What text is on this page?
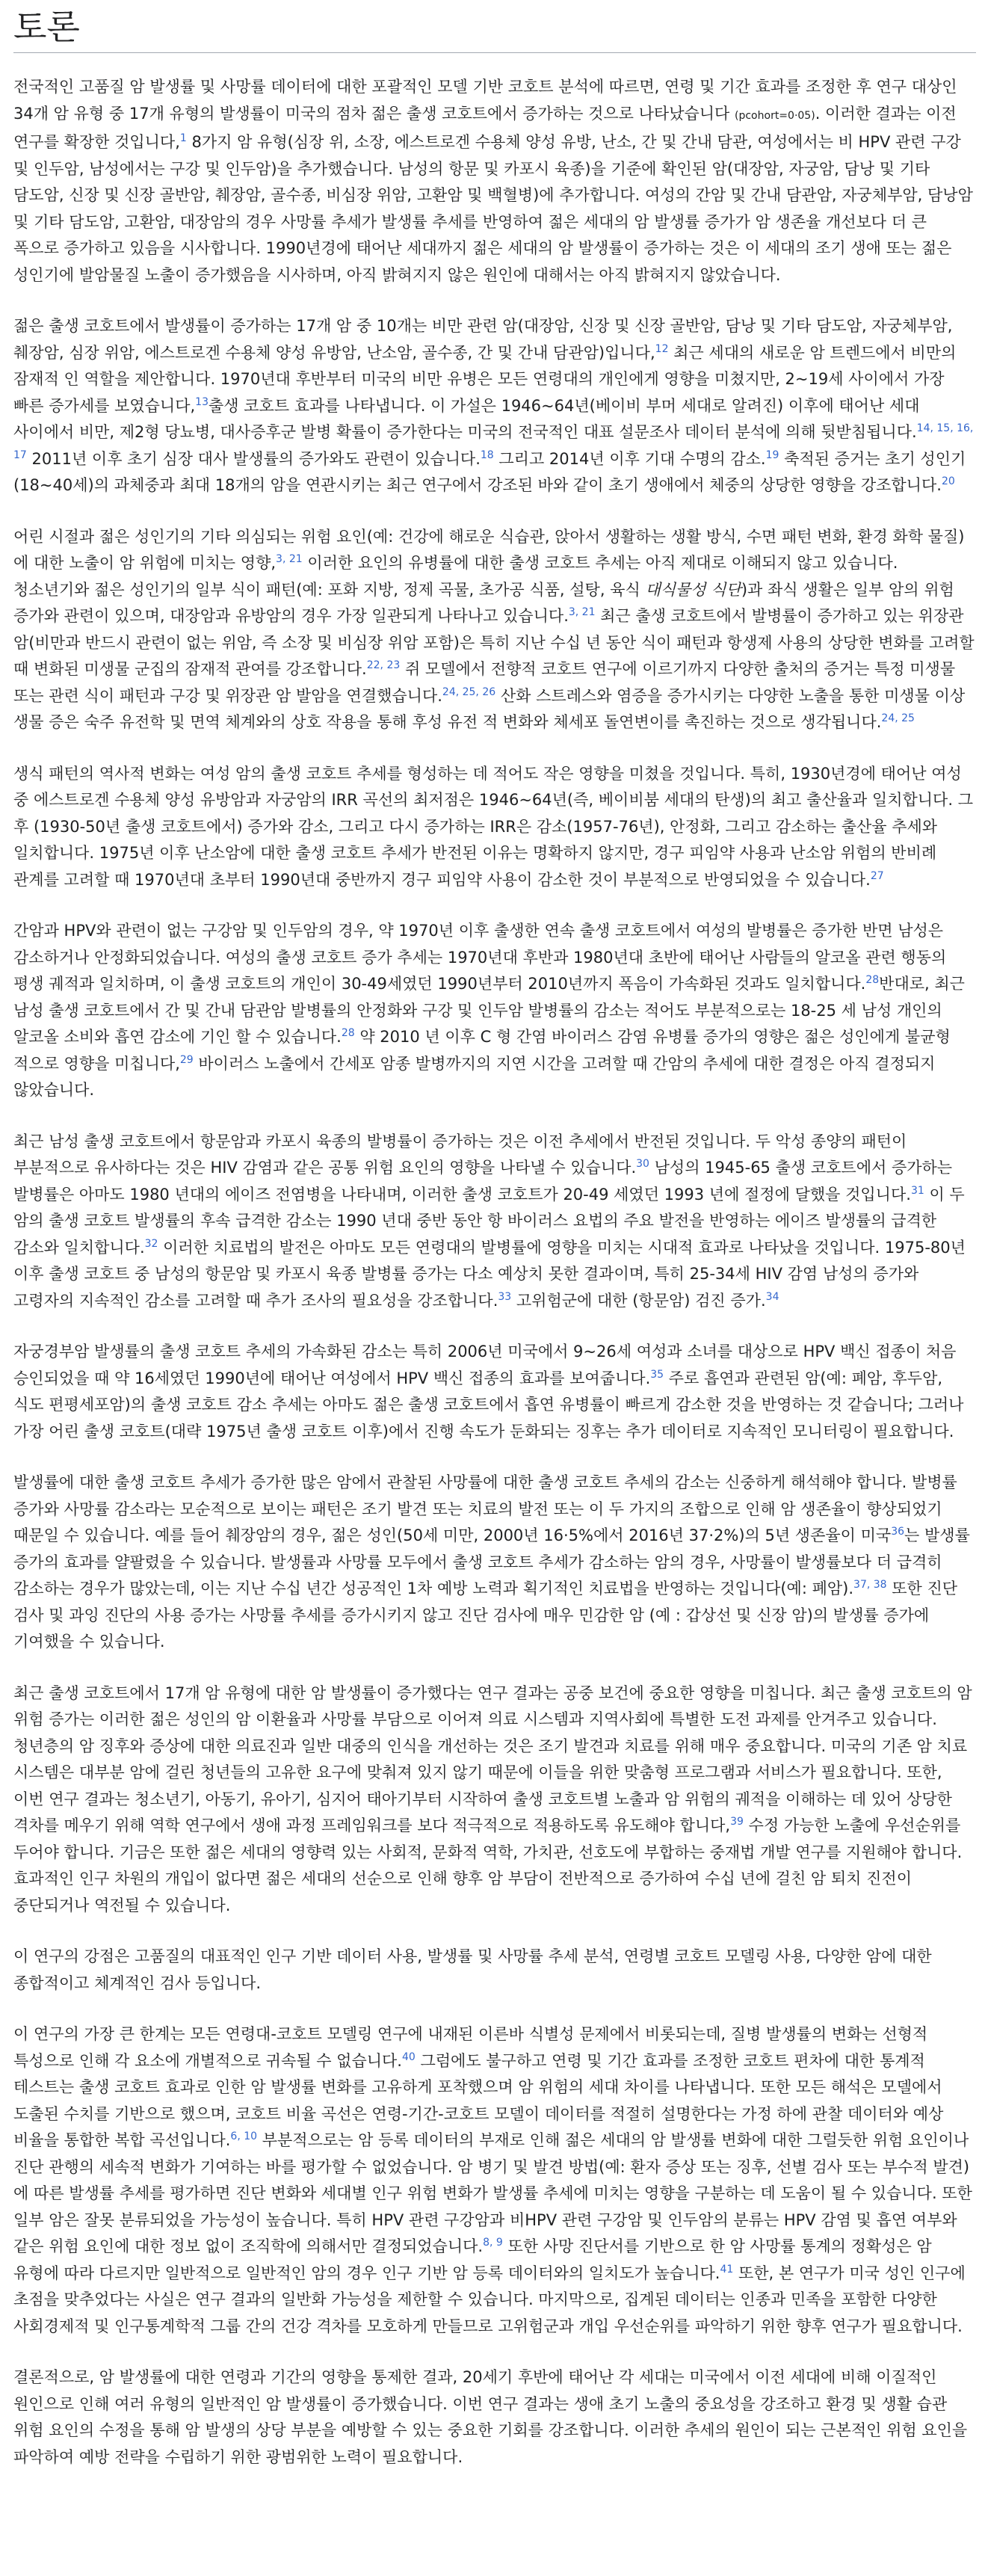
토론

전국적인 고품질 암 발생률 및 사망률 데이터에 대한 포괄적인 모델 기반 코호트 분석에 따르면, 연령 및 기간 효과를 조정한 후 연구 대상인 34개 암 유형 중 17개 유형의 발생률이 미국의 점차 젊은 출생 코호트에서 증가하는 것으로 나타났습니다 (pcohort=0·05). 이러한 결과는 이전 연구를 확장한 것입니다,$^1$ 8가지 암 유형(심장 위, 소장, 에스트로겐 수용체 양성 유방, 난소, 간 및 간내 담관, 여성에서는 비 HPV 관련 구강 및 인두암, 남성에서는 구강 및 인두암)을 추가했습니다. 남성의 항문 및 카포시 육종)을 기준에 확인된 암(대장암, 자궁암, 담낭 및 기타 담도암, 신장 및 신장 골반암, 췌장암, 골수종, 비심장 위암, 고환암 및 백혈병)에 추가합니다. 여성의 간암 및 간내 담관암, 자궁체부암, 담낭암 및 기타 담도암, 고환암, 대장암의 경우 사망률 추세가 발생률 추세를 반영하여 젊은 세대의 암 발생률 증가가 암 생존율 개선보다 더 큰 폭으로 증가하고 있음을 시사합니다. 1990년경에 태어난 세대까지 젊은 세대의 암 발생률이 증가하는 것은 이 세대의 조기 생애 또는 젊은 성인기에 발암물질 노출이 증가했음을 시사하며, 아직 밝혀지지 않은 원인에 대해서는 아직 밝혀지지 않았습니다.

젊은 출생 코호트에서 발생률이 증가하는 17개 암 중 10개는 비만 관련 암(대장암, 신장 및 신장 골반암, 담낭 및 기타 담도암, 자궁체부암, 췌장암, 심장 위암, 에스트로겐 수용체 양성 유방암, 난소암, 골수종, 간 및 간내 담관암)입니다,$^{12}$ 최근 세대의 새로운 암 트렌드에서 비만의 잠재적 인 역할을 제안합니다. 1970년대 후반부터 미국의 비만 유병은 모든 연령대의 개인에게 영향을 미쳤지만, 2~19세 사이에서 가장 빠른 증가세를 보였습니다,$^{13}$출생 코호트 효과를 나타냅니다. 이 가설은 1946~64년(베이비 부머 세대로 알려진) 이후에 태어난 세대 사이에서 비만, 제2형 당뇨병, 대사증후군 발병 확률이 증가한다는 미국의 전국적인 대표 설문조사 데이터 분석에 의해 뒷받침됩니다.$^{14, 15, 16, 17}$ 2011년 이후 초기 심장 대사 발생률의 증가와도 관련이 있습니다.$^{18}$ 그리고 2014년 이후 기대 수명의 감소.$^{19}$ 축적된 증거는 초기 성인기(18~40세)의 과체중과 최대 18개의 암을 연관시키는 최근 연구에서 강조된 바와 같이 초기 생애에서 체중의 상당한 영향을 강조합니다.$^{20}$

어린 시절과 젊은 성인기의 기타 의심되는 위험 요인(예: 건강에 해로운 식습관, 앉아서 생활하는 생활 방식, 수면 패턴 변화, 환경 화학 물질)에 대한 노출이 암 위험에 미치는 영향,$^{3, 21}$ 이러한 요인의 유병률에 대한 출생 코호트 추세는 아직 제대로 이해되지 않고 있습니다. 청소년기와 젊은 성인기의 일부 식이 패턴(예: 포화 지방, 정제 곡물, 초가공 식품, 설탕, 육식 대식물성 식단)과 좌식 생활은 일부 암의 위험 증가와 관련이 있으며, 대장암과 유방암의 경우 가장 일관되게 나타나고 있습니다.$^{3, 21}$ 최근 출생 코호트에서 발병률이 증가하고 있는 위장관 암(비만과 반드시 관련이 없는 위암, 즉 소장 및 비심장 위암 포함)은 특히 지난 수십 년 동안 식이 패턴과 항생제 사용의 상당한 변화를 고려할 때 변화된 미생물 군집의 잠재적 관여를 강조합니다.$^{22, 23}$ 쥐 모델에서 전향적 코호트 연구에 이르기까지 다양한 출처의 증거는 특정 미생물 또는 관련 식이 패턴과 구강 및 위장관 암 발암을 연결했습니다.$^{24, 25, 26}$ 산화 스트레스와 염증을 증가시키는 다양한 노출을 통한 미생물 이상 생물 증은 숙주 유전학 및 면역 체계와의 상호 작용을 통해 후성 유전 적 변화와 체세포 돌연변이를 촉진하는 것으로 생각됩니다.$^{24, 25}$

생식 패턴의 역사적 변화는 여성 암의 출생 코호트 추세를 형성하는 데 적어도 작은 영향을 미쳤을 것입니다. 특히, 1930년경에 태어난 여성 중 에스트로겐 수용체 양성 유방암과 자궁암의 IRR 곡선의 최저점은 1946~64년(즉, 베이비붐 세대의 탄생)의 최고 출산율과 일치합니다. 그 후 (1930-50년 출생 코호트에서) 증가와 감소, 그리고 다시 증가하는 IRR은 감소(1957-76년), 안정화, 그리고 감소하는 출산율 추세와 일치합니다. 1975년 이후 난소암에 대한 출생 코호트 추세가 반전된 이유는 명확하지 않지만, 경구 피임약 사용과 난소암 위험의 반비례 관계를 고려할 때 1970년대 초부터 1990년대 중반까지 경구 피임약 사용이 감소한 것이 부분적으로 반영되었을 수 있습니다.$^{27}$

간암과 HPV와 관련이 없는 구강암 및 인두암의 경우, 약 1970년 이후 출생한 연속 출생 코호트에서 여성의 발병률은 증가한 반면 남성은 감소하거나 안정화되었습니다. 여성의 출생 코호트 증가 추세는 1970년대 후반과 1980년대 초반에 태어난 사람들의 알코올 관련 행동의 평생 궤적과 일치하며, 이 출생 코호트의 개인이 30-49세였던 1990년부터 2010년까지 폭음이 가속화된 것과도 일치합니다.$^{28}$반대로, 최근 남성 출생 코호트에서 간 및 간내 담관암 발병률의 안정화와 구강 및 인두암 발병률의 감소는 적어도 부분적으로는 18-25 세 남성 개인의 알코올 소비와 흡연 감소에 기인 할 수 있습니다.$^{28}$ 약 2010 년 이후 C 형 간염 바이러스 감염 유병률 증가의 영향은 젊은 성인에게 불균형 적으로 영향을 미칩니다,$^{29}$ 바이러스 노출에서 간세포 암종 발병까지의 지연 시간을 고려할 때 간암의 추세에 대한 결정은 아직 결정되지 않았습니다.

최근 남성 출생 코호트에서 항문암과 카포시 육종의 발병률이 증가하는 것은 이전 추세에서 반전된 것입니다. 두 악성 종양의 패턴이 부분적으로 유사하다는 것은 HIV 감염과 같은 공통 위험 요인의 영향을 나타낼 수 있습니다.$^{30}$ 남성의 1945-65 출생 코호트에서 증가하는 발병률은 아마도 1980 년대의 에이즈 전염병을 나타내며, 이러한 출생 코호트가 20-49 세였던 1993 년에 절정에 달했을 것입니다.$^{31}$ 이 두 암의 출생 코호트 발생률의 후속 급격한 감소는 1990 년대 중반 동안 항 바이러스 요법의 주요 발전을 반영하는 에이즈 발생률의 급격한 감소와 일치합니다.$^{32}$ 이러한 치료법의 발전은 아마도 모든 연령대의 발병률에 영향을 미치는 시대적 효과로 나타났을 것입니다. 1975-80년 이후 출생 코호트 중 남성의 항문암 및 카포시 육종 발병률 증가는 다소 예상치 못한 결과이며, 특히 25-34세 HIV 감염 남성의 증가와 고령자의 지속적인 감소를 고려할 때 추가 조사의 필요성을 강조합니다.$^{33}$ 고위험군에 대한 (항문암) 검진 증가.$^{34}$

자궁경부암 발생률의 출생 코호트 추세의 가속화된 감소는 특히 2006년 미국에서 9~26세 여성과 소녀를 대상으로 HPV 백신 접종이 처음 승인되었을 때 약 16세였던 1990년에 태어난 여성에서 HPV 백신 접종의 효과를 보여줍니다.$^{35}$ 주로 흡연과 관련된 암(예: 폐암, 후두암, 식도 편평세포암)의 출생 코호트 감소 추세는 아마도 젊은 출생 코호트에서 흡연 유병률이 빠르게 감소한 것을 반영하는 것 같습니다; 그러나 가장 어린 출생 코호트(대략 1975년 출생 코호트 이후)에서 진행 속도가 둔화되는 징후는 추가 데이터로 지속적인 모니터링이 필요합니다.

발생률에 대한 출생 코호트 추세가 증가한 많은 암에서 관찰된 사망률에 대한 출생 코호트 추세의 감소는 신중하게 해석해야 합니다. 발병률 증가와 사망률 감소라는 모순적으로 보이는 패턴은 조기 발견 또는 치료의 발전 또는 이 두 가지의 조합으로 인해 암 생존율이 향상되었기 때문일 수 있습니다. 예를 들어 췌장암의 경우, 젊은 성인(50세 미만, 2000년 16·5%에서 2016년 37·2%)의 5년 생존율이 미국$^{36}$는 발생률 증가의 효과를 얄팔렸을 수 있습니다. 발생률과 사망률 모두에서 출생 코호트 추세가 감소하는 암의 경우, 사망률이 발생률보다 더 급격히 감소하는 경우가 많았는데, 이는 지난 수십 년간 성공적인 1차 예방 노력과 획기적인 치료법을 반영하는 것입니다(예: 폐암).$^{37, 38}$ 또한 진단 검사 및 과잉 진단의 사용 증가는 사망률 추세를 증가시키지 않고 진단 검사에 매우 민감한 암 (예 : 갑상선 및 신장 암)의 발생률 증가에 기여했을 수 있습니다.

최근 출생 코호트에서 17개 암 유형에 대한 암 발생률이 증가했다는 연구 결과는 공중 보건에 중요한 영향을 미칩니다. 최근 출생 코호트의 암 위험 증가는 이러한 젊은 성인의 암 이환율과 사망률 부담으로 이어져 의료 시스템과 지역사회에 특별한 도전 과제를 안겨주고 있습니다. 청년층의 암 징후와 증상에 대한 의료진과 일반 대중의 인식을 개선하는 것은 조기 발견과 치료를 위해 매우 중요합니다. 미국의 기존 암 치료 시스템은 대부분 암에 걸린 청년들의 고유한 요구에 맞춰져 있지 않기 때문에 이들을 위한 맞춤형 프로그램과 서비스가 필요합니다. 또한, 이번 연구 결과는 청소년기, 아동기, 유아기, 심지어 태아기부터 시작하여 출생 코호트별 노출과 암 위험의 궤적을 이해하는 데 있어 상당한 격차를 메우기 위해 역학 연구에서 생애 과정 프레임워크를 보다 적극적으로 적용하도록 유도해야 합니다,$^{39}$ 수정 가능한 노출에 우선순위를 두어야 합니다. 기금은 또한 젊은 세대의 영향력 있는 사회적, 문화적 역학, 가치관, 선호도에 부합하는 중재법 개발 연구를 지원해야 합니다. 효과적인 인구 차원의 개입이 없다면 젊은 세대의 선순으로 인해 향후 암 부담이 전반적으로 증가하여 수십 년에 걸친 암 퇴치 진전이 중단되거나 역전될 수 있습니다.

이 연구의 강점은 고품질의 대표적인 인구 기반 데이터 사용, 발생률 및 사망률 추세 분석, 연령별 코호트 모델링 사용, 다양한 암에 대한 종합적이고 체계적인 검사 등입니다.

이 연구의 가장 큰 한계는 모든 연령대-코호트 모델링 연구에 내재된 이른바 식별성 문제에서 비롯되는데, 질병 발생률의 변화는 선형적 특성으로 인해 각 요소에 개별적으로 귀속될 수 없습니다.$^{40}$ 그럼에도 불구하고 연령 및 기간 효과를 조정한 코호트 편차에 대한 통계적 테스트는 출생 코호트 효과로 인한 암 발생률 변화를 고유하게 포착했으며 암 위험의 세대 차이를 나타냅니다. 또한 모든 해석은 모델에서 도출된 수치를 기반으로 했으며, 코호트 비율 곡선은 연령-기간-코호트 모델이 데이터를 적절히 설명한다는 가정 하에 관찰 데이터와 예상 비율을 통합한 복합 곡선입니다.$^{6, 10}$ 부분적으로는 암 등록 데이터의 부재로 인해 젊은 세대의 암 발생률 변화에 대한 그럴듯한 위험 요인이나 진단 관행의 세속적 변화가 기여하는 바를 평가할 수 없었습니다. 암 병기 및 발견 방법(예: 환자 증상 또는 징후, 선별 검사 또는 부수적 발견)에 따른 발생률 추세를 평가하면 진단 변화와 세대별 인구 위험 변화가 발생률 추세에 미치는 영향을 구분하는 데 도움이 될 수 있습니다. 또한 일부 암은 잘못 분류되었을 가능성이 높습니다. 특히 HPV 관련 구강암과 비HPV 관련 구강암 및 인두암의 분류는 HPV 감염 및 흡연 여부와 같은 위험 요인에 대한 정보 없이 조직학에 의해서만 결정되었습니다.$^{8, 9}$ 또한 사망 진단서를 기반으로 한 암 사망률 통계의 정확성은 암 유형에 따라 다르지만 일반적으로 일반적인 암의 경우 인구 기반 암 등록 데이터와의 일치도가 높습니다.$^{41}$ 또한, 본 연구가 미국 성인 인구에 초점을 맞추었다는 사실은 연구 결과의 일반화 가능성을 제한할 수 있습니다. 마지막으로, 집계된 데이터는 인종과 민족을 포함한 다양한 사회경제적 및 인구통계학적 그룹 간의 건강 격차를 모호하게 만들므로 고위험군과 개입 우선순위를 파악하기 위한 향후 연구가 필요합니다.

결론적으로, 암 발생률에 대한 연령과 기간의 영향을 통제한 결과, 20세기 후반에 태어난 각 세대는 미국에서 이전 세대에 비해 이질적인 원인으로 인해 여러 유형의 일반적인 암 발생률이 증가했습니다. 이번 연구 결과는 생애 초기 노출의 중요성을 강조하고 환경 및 생활 습관 위험 요인의 수정을 통해 암 발생의 상당 부분을 예방할 수 있는 중요한 기회를 강조합니다. 이러한 추세의 원인이 되는 근본적인 위험 요인을 파악하여 예방 전략을 수립하기 위한 광범위한 노력이 필요합니다.
